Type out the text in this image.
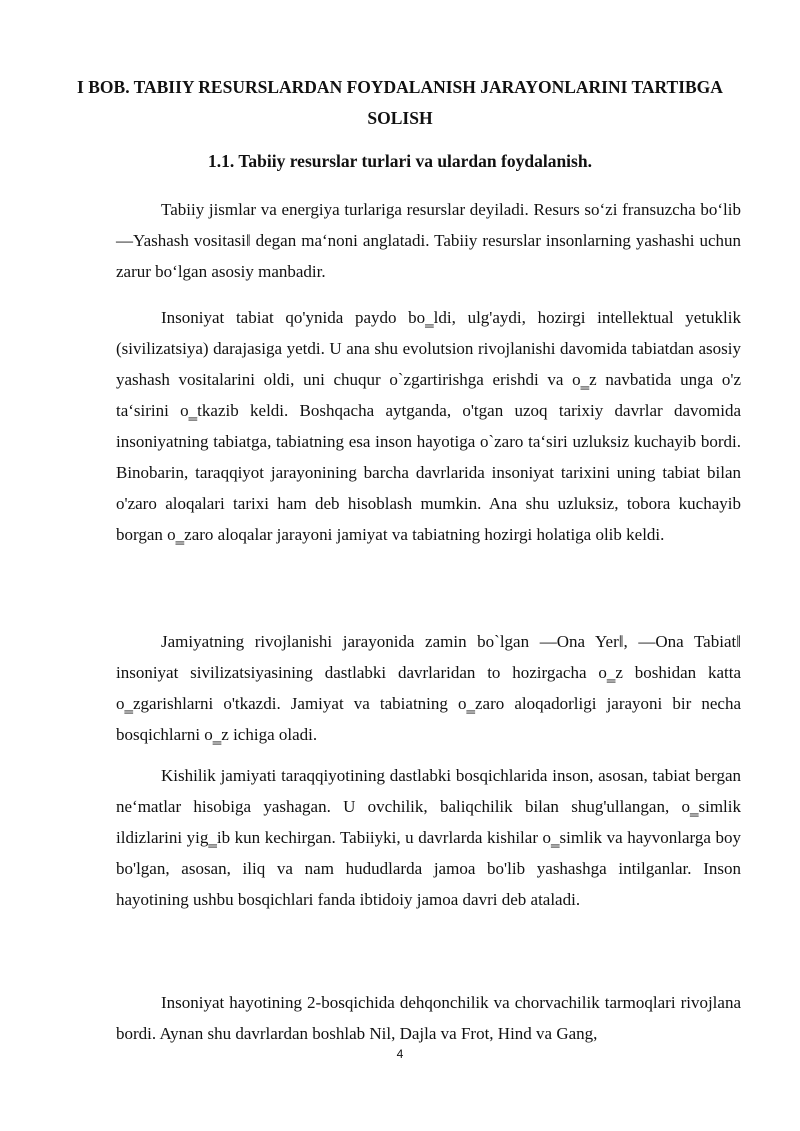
I BOB. TABIIY RESURSLARDAN FOYDALANISH JARAYONLARINI TARTIBGA SOLISH
1.1. Tabiiy resurslar turlari va ulardan foydalanish.

Tabiiy jismlar va energiya turlariga resurslar deyiladi. Resurs so‘zi fransuzcha bo‘lib ―Yashash vositasi‖ degan ma‘noni anglatadi. Tabiiy resurslar insonlarning yashashi uchun zarur bo‘lgan asosiy manbadir.

Insoniyat tabiat qo'ynida paydo bo‗ldi, ulg'aydi, hozirgi intellektual yetuklik (sivilizatsiya) darajasiga yetdi. U ana shu evolutsion rivojlanishi davomida tabiatdan asosiy yashash vositalarini oldi, uni chuqur o`zgartirishga erishdi va o‗z navbatida unga o'z ta‘sirini o‗tkazib keldi. Boshqacha aytganda, o'tgan uzoq tarixiy davrlar davomida insoniyatning tabiatga, tabiatning esa inson hayotiga o`zaro ta‘siri uzluksiz kuchayib bordi. Binobarin, taraqqiyot jarayonining barcha davrlarida insoniyat tarixini uning tabiat bilan o'zaro aloqalari tarixi ham deb hisoblash mumkin. Ana shu uzluksiz, tobora kuchayib borgan o‗zaro aloqalar jarayoni jamiyat va tabiatning hozirgi holatiga olib keldi.

Jamiyatning rivojlanishi jarayonida zamin bo`lgan ―Ona Yer‖, ―Ona Tabiat‖ insoniyat sivilizatsiyasining dastlabki davrlaridan to hozirgacha o‗z boshidan katta o‗zgarishlarni o'tkazdi. Jamiyat va tabiatning o‗zaro aloqadorligi jarayoni bir necha bosqichlarni o‗z ichiga oladi.

Kishilik jamiyati taraqqiyotining dastlabki bosqichlarida inson, asosan, tabiat bergan ne‘matlar hisobiga yashagan. U ovchilik, baliqchilik bilan shug'ullangan, o‗simlik ildizlarini yig‗ib kun kechirgan. Tabiiyki, u davrlarda kishilar o‗simlik va hayvonlarga boy bo'lgan, asosan, iliq va nam hududlarda jamoa bo'lib yashashga intilganlar. Inson hayotining ushbu bosqichlari fanda ibtidoiy jamoa davri deb ataladi.

Insoniyat hayotining 2-bosqichida dehqonchilik va chorvachilik tarmoqlari rivojlana bordi. Aynan shu davrlardan boshlab Nil, Dajla va Frot, Hind va Gang,

4
